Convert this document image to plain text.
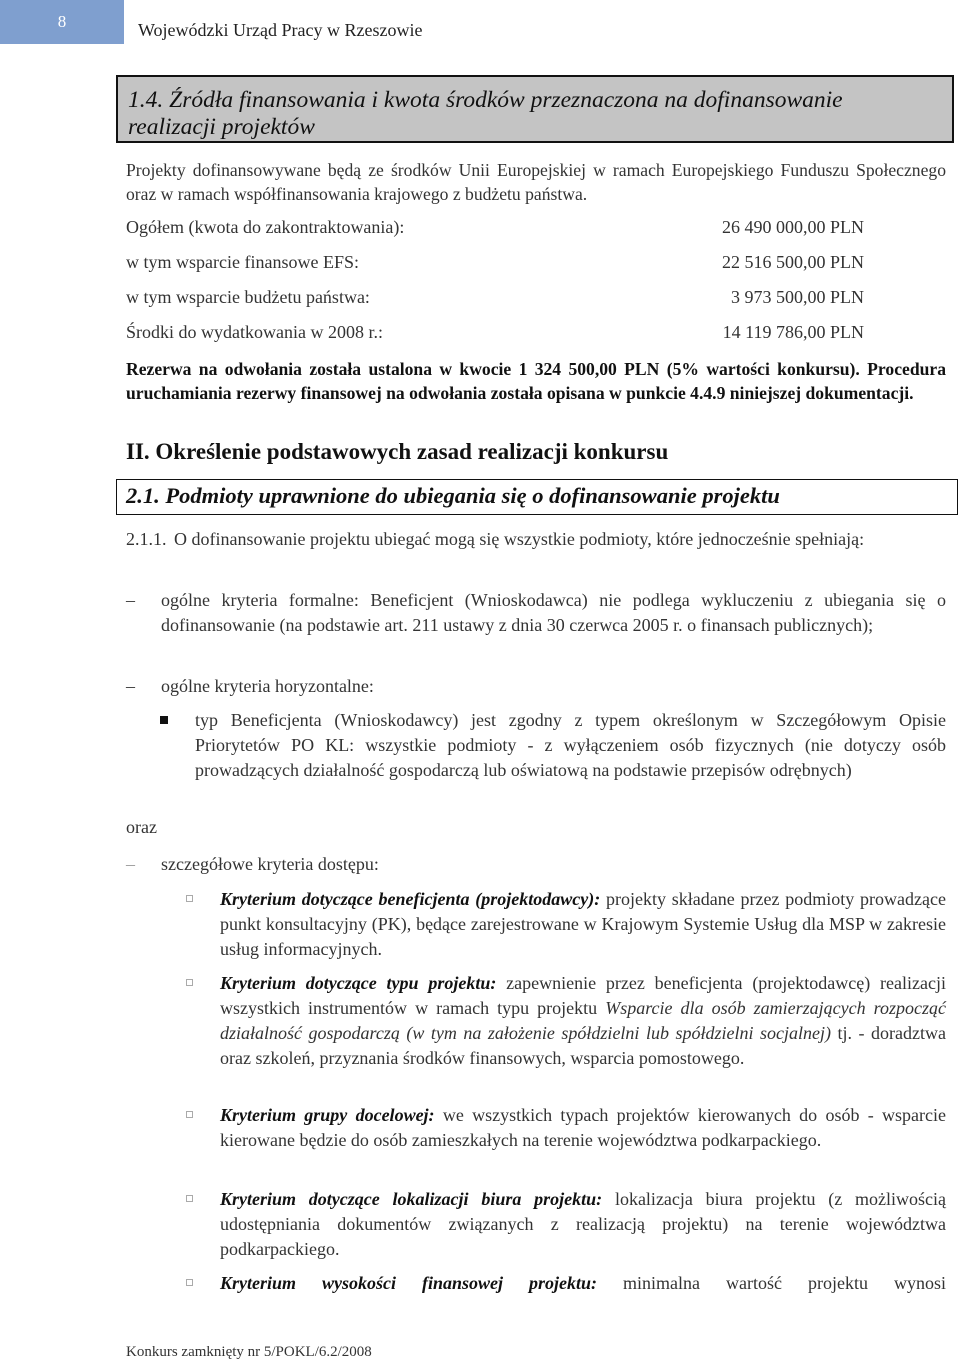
8	Wojewódzki Urząd Pracy w Rzeszowie
1.4. Źródła finansowania i kwota środków przeznaczona na dofinansowanie
realizacji projektów
Projekty dofinansowywane będą ze środków Unii Europejskiej w ramach Europejskiego Funduszu Społecznego oraz w ramach współfinansowania krajowego z budżetu państwa.
Ogółem (kwota do zakontraktowania):	26 490 000,00 PLN
w tym wsparcie finansowe EFS:	22 516 500,00 PLN
w tym wsparcie budżetu państwa:	3 973 500,00 PLN
Środki do wydatkowania w 2008 r.:	14 119 786,00 PLN
Rezerwa na odwołania została ustalona w kwocie 1 324 500,00 PLN (5% wartości konkursu). Procedura uruchamiania rezerwy finansowej na odwołania została opisana w punkcie 4.4.9 niniejszej dokumentacji.
II. Określenie podstawowych zasad realizacji konkursu
2.1. Podmioty uprawnione do ubiegania się o dofinansowanie projektu
2.1.1. O dofinansowanie projektu ubiegać mogą się wszystkie podmioty, które jednocześnie spełniają:
– ogólne kryteria formalne: Beneficjent (Wnioskodawca) nie podlega wykluczeniu z ubiegania się o dofinansowanie (na podstawie art. 211 ustawy z dnia 30 czerwca 2005 r. o finansach publicznych);
– ogólne kryteria horyzontalne:
typ Beneficjenta (Wnioskodawcy) jest zgodny z typem określonym w Szczegółowym Opisie Priorytetów PO KL: wszystkie podmioty - z wyłączeniem osób fizycznych (nie dotyczy osób prowadzących działalność gospodarczą lub oświatową na podstawie przepisów odrębnych)
oraz
– szczegółowe kryteria dostępu:
Kryterium dotyczące beneficjenta (projektodawcy): projekty składane przez podmioty prowadzące punkt konsultacyjny (PK), będące zarejestrowane w Krajowym Systemie Usług dla MSP w zakresie usług informacyjnych.
Kryterium dotyczące typu projektu: zapewnienie przez beneficjenta (projektodawcę) realizacji wszystkich instrumentów w ramach typu projektu Wsparcie dla osób zamierzających rozpocząć działalność gospodarczą (w tym na założenie spółdzielni lub spółdzielni socjalnej) tj. - doradztwa oraz szkoleń, przyznania środków finansowych, wsparcia pomostowego.
Kryterium grupy docelowej: we wszystkich typach projektów kierowanych do osób - wsparcie kierowane będzie do osób zamieszkałych na terenie województwa podkarpackiego.
Kryterium dotyczące lokalizacji biura projektu: lokalizacja biura projektu (z możliwością udostępniania dokumentów związanych z realizacją projektu) na terenie województwa podkarpackiego.
Kryterium wysokości finansowej projektu: minimalna wartość projektu wynosi
Konkurs zamknięty nr 5/POKL/6.2/2008
